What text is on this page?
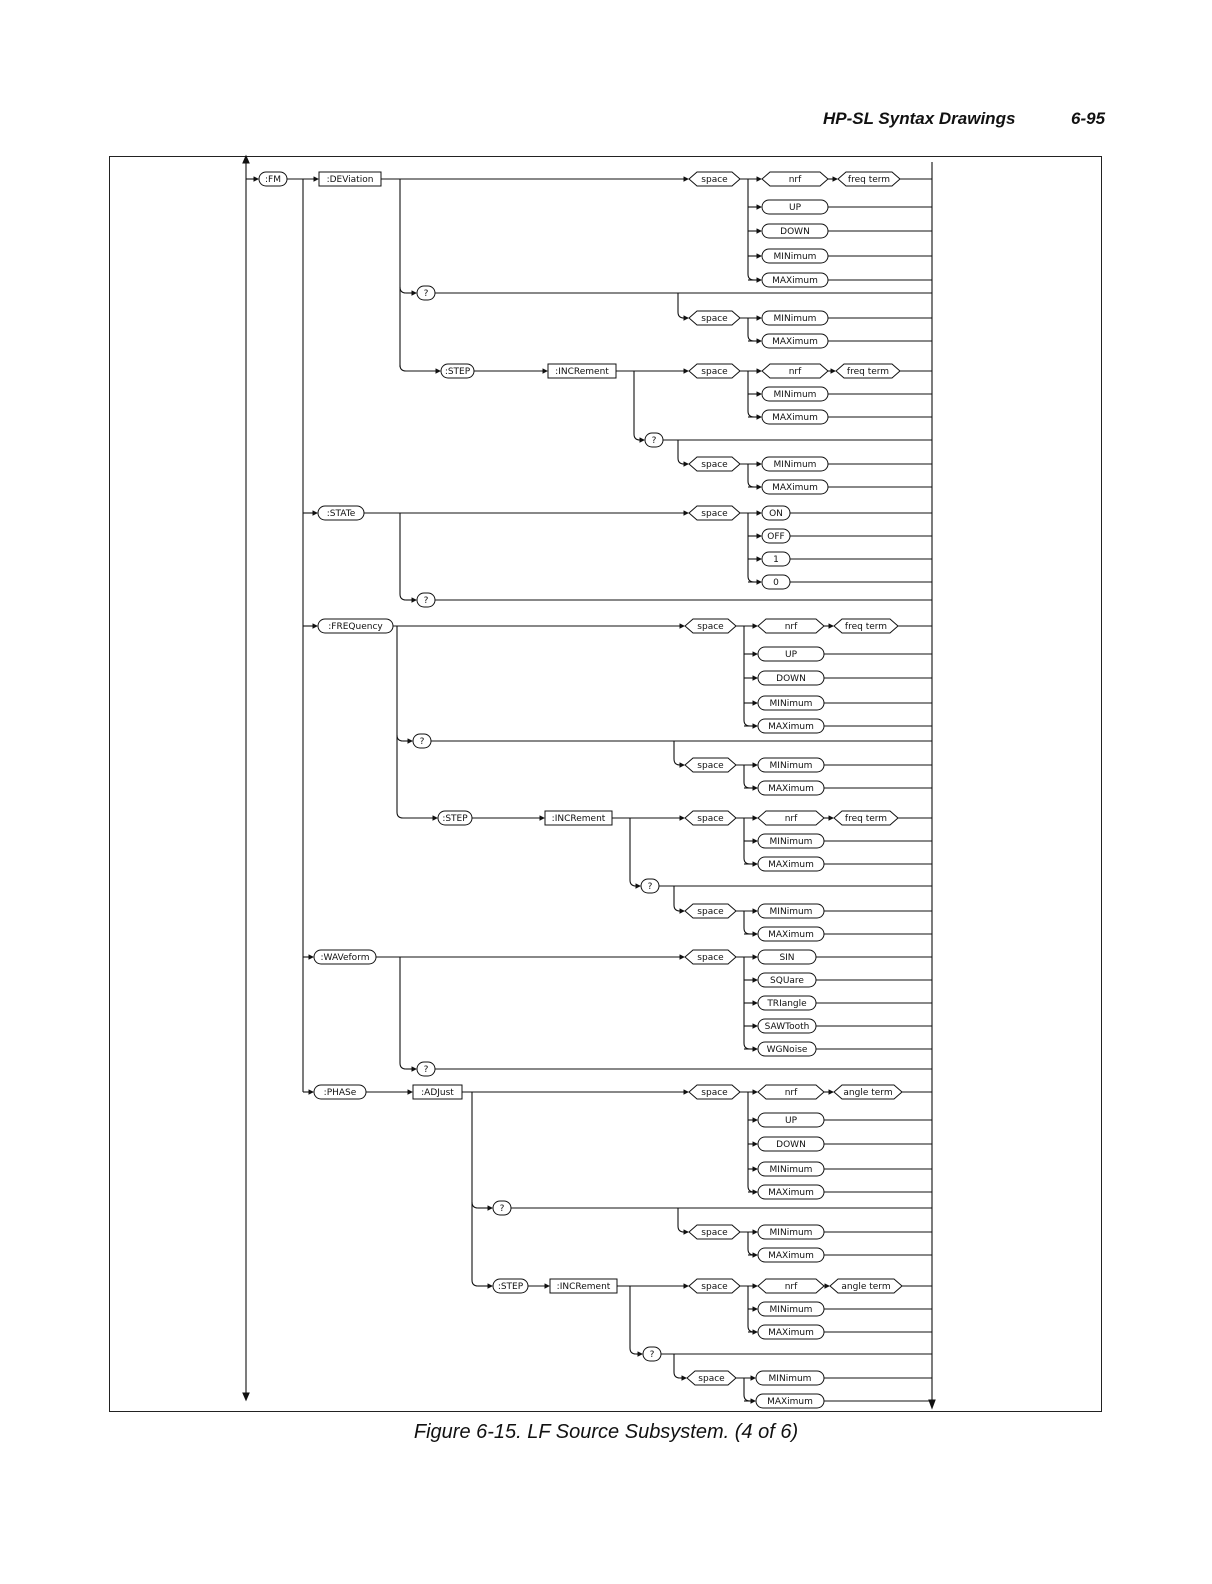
HP-SL Syntax Drawings	6-95
:FM	:DEViation	space	nrf	freq term
UP
DOWN
MINimum
MAXimum
?
space	MINimum
MAXimum
:STEP	:INCRement	space	nrf	freq term
MINimum
MAXimum
?
space	MINimum
MAXimum
:STATe	space	ON
OFF
1
0
?
:FREQuency	space	nrf	freq term
UP
DOWN
MINimum
MAXimum
?
space	MINimum
MAXimum
:STEP	:INCRement	space	nrf	freq term
MINimum
MAXimum
?
space	MINimum
MAXimum
:WAVeform	space	SIN
SQUare
TRIangle
SAWTooth
WGNoise
?
:PHASe	:ADJust	space	nrf	angle term
UP
DOWN
MINimum
MAXimum
?
space	MINimum
MAXimum
:STEP	:INCRement	space	nrf	angle term
MINimum
MAXimum
?
space	MINimum
MAXimum
Figure 6-15. LF Source Subsystem. (4 of 6)
